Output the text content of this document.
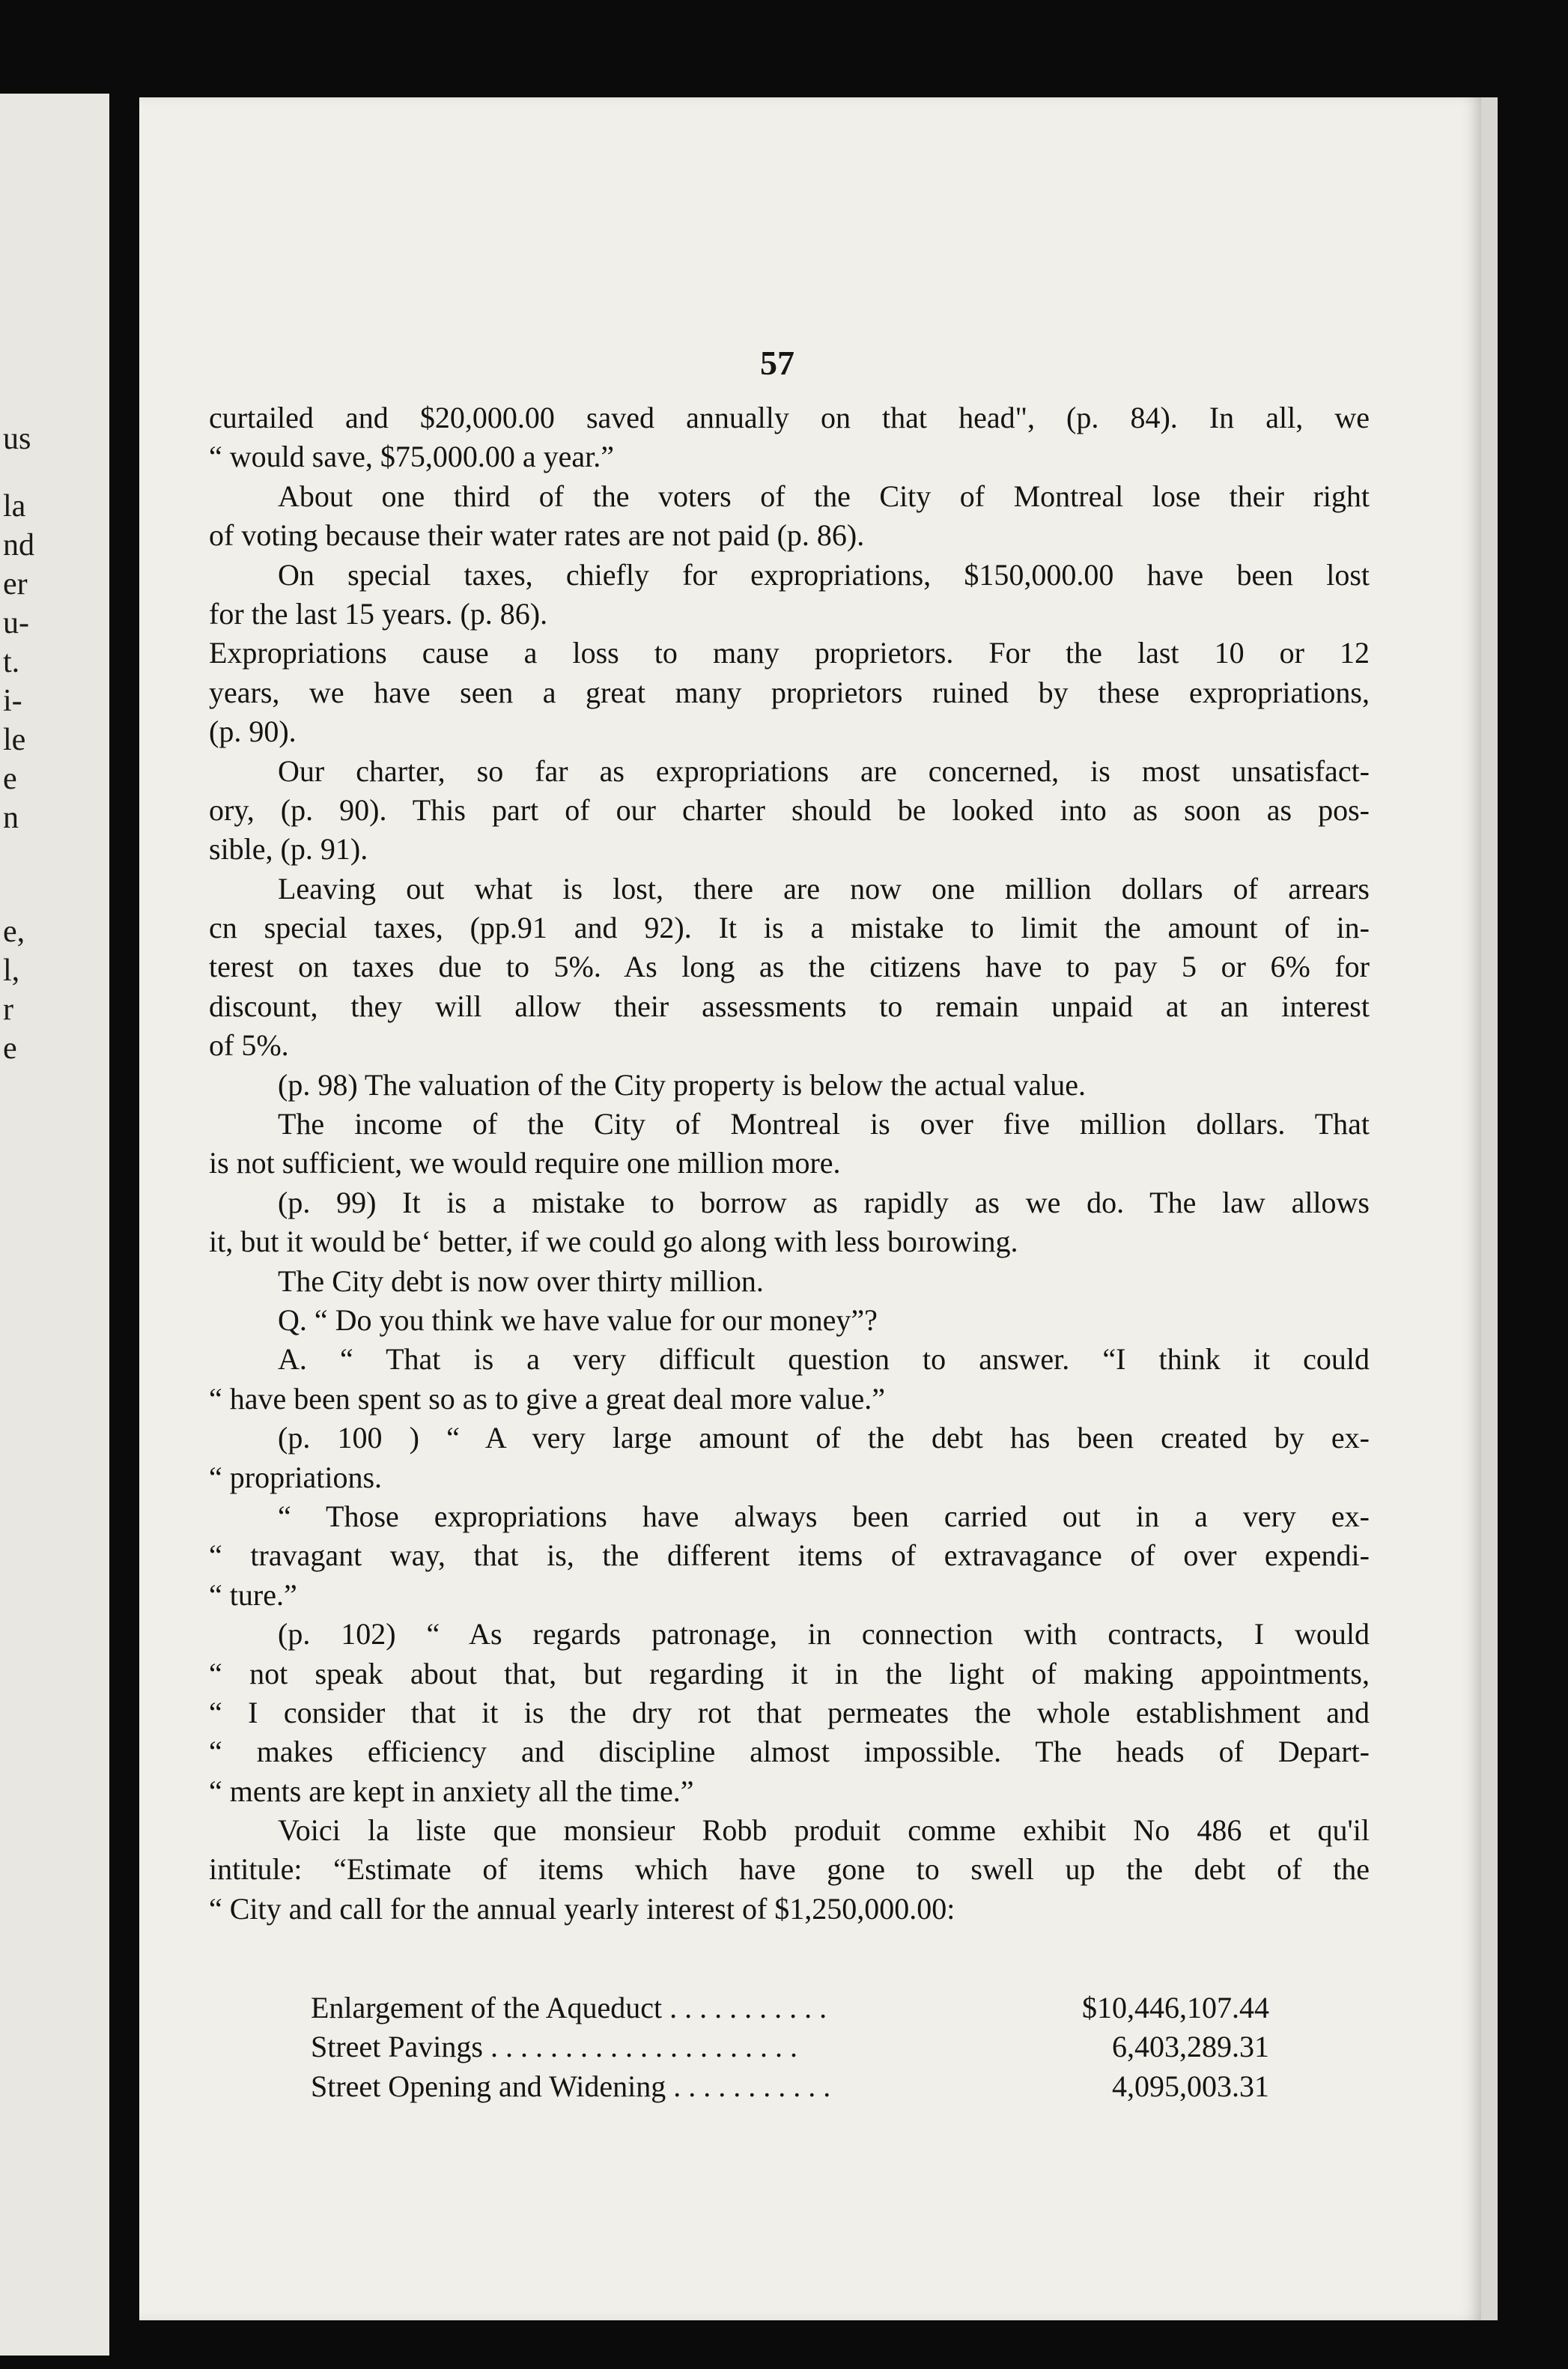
us
la
nd
er
u-
t.
i-
le
e
n
e,
l,
r
e
57
curtailed and $20,000.00 saved annually on that head", (p. 84). In all, we
“ would save, $75,000.00 a year.”
About one third of the voters of the City of Montreal lose their right
of voting because their water rates are not paid (p. 86).
On special taxes, chiefly for expropriations, $150,000.00 have been lost
for the last 15 years. (p. 86).
Expropriations cause a loss to many proprietors. For the last 10 or 12
years, we have seen a great many proprietors ruined by these expropriations,
(p. 90).
Our charter, so far as expropriations are concerned, is most unsatisfact-
ory, (p. 90). This part of our charter should be looked into as soon as pos-
sible, (p. 91).
Leaving out what is lost, there are now one million dollars of arrears
cn special taxes, (pp.91 and 92). It is a mistake to limit the amount of in-
terest on taxes due to 5%. As long as the citizens have to pay 5 or 6% for
discount, they will allow their assessments to remain unpaid at an interest
of 5%.
(p. 98) The valuation of the City property is below the actual value.
The income of the City of Montreal is over five million dollars. That
is not sufficient, we would require one million more.
(p. 99) It is a mistake to borrow as rapidly as we do. The law allows
it, but it would be‘ better, if we could go along with less boırowing.
The City debt is now over thirty million.
Q. “ Do you think we have value for our money”?
A. “ That is a very difficult question to answer. “I think it could
“ have been spent so as to give a great deal more value.”
(p. 100 ) “ A very large amount of the debt has been created by ex-
“ propriations.
“ Those expropriations have always been carried out in a very ex-
“ travagant way, that is, the different items of extravagance of over expendi-
“ ture.”
(p. 102) “ As regards patronage, in connection with contracts, I would
“ not speak about that, but regarding it in the light of making appointments,
“ I consider that it is the dry rot that permeates the whole establishment and
“ makes efficiency and discipline almost impossible. The heads of Depart-
“ ments are kept in anxiety all the time.”
Voici la liste que monsieur Robb produit comme exhibit No 486 et qu'il
intitule: “Estimate of items which have gone to swell up the debt of the
“ City and call for the annual yearly interest of $1,250,000.00:
Enlargement of the Aqueduct . . . . . . . . . . .	$10,446,107.44
Street Pavings . . . . . . . . . . . . . . . . . . . . .	6,403,289.31
Street Opening and Widening . . . . . . . . . . .	4,095,003.31
